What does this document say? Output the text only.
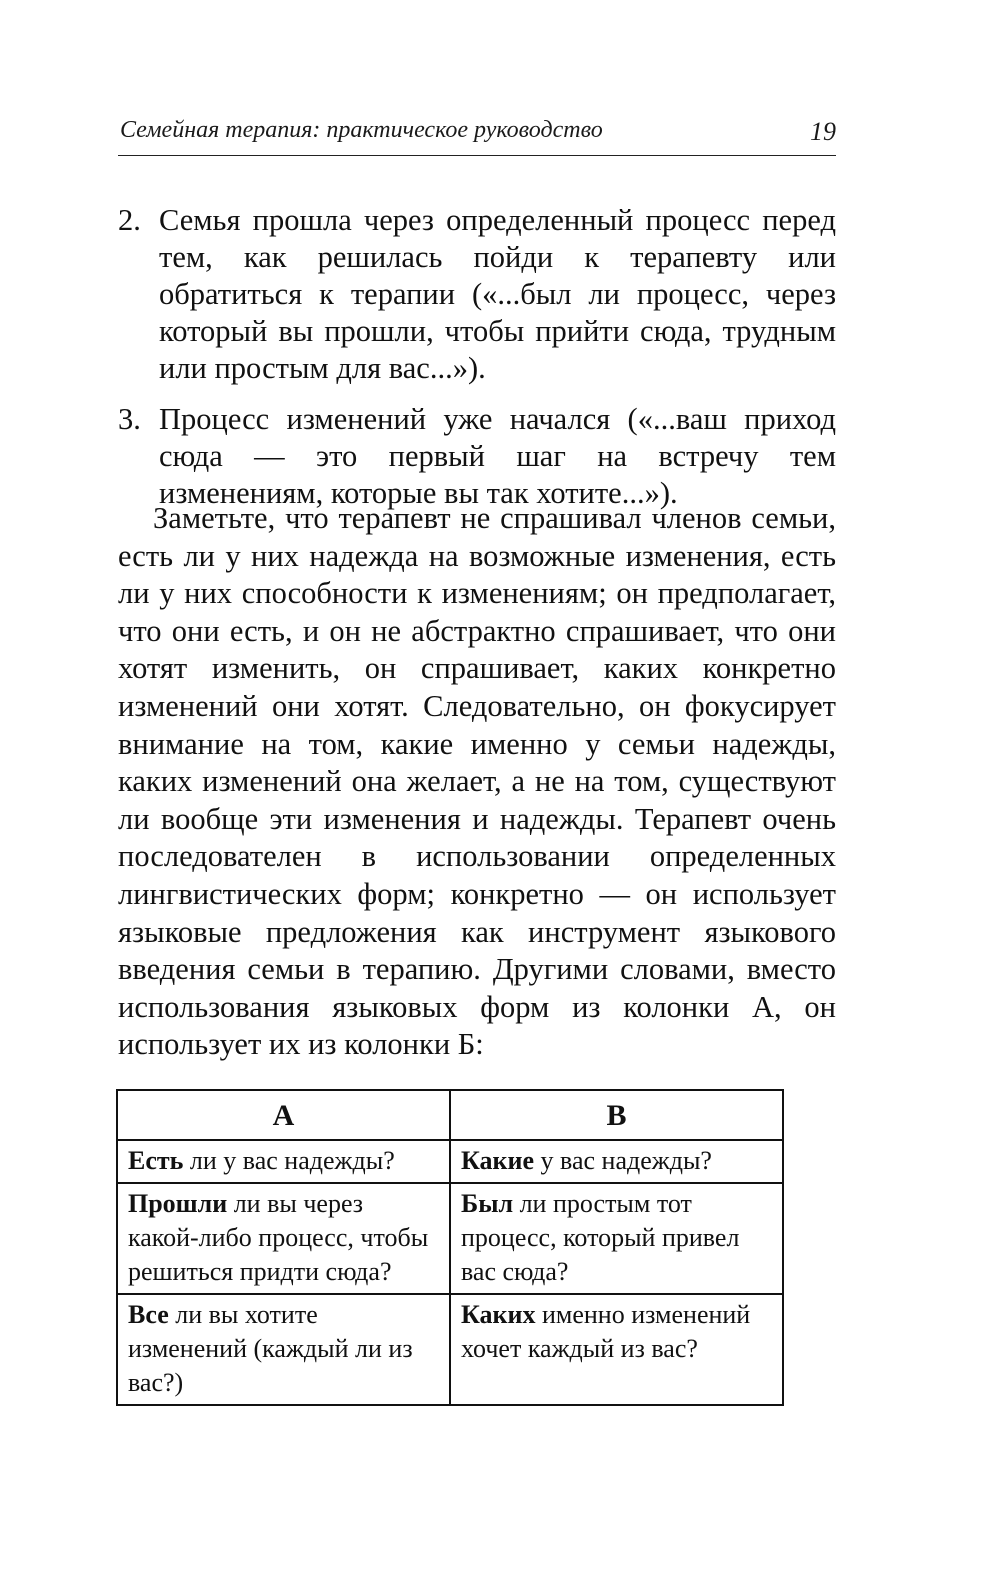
Семейная терапия: практическое руководство	19
2. Семья прошла через определенный процесс перед тем, как решилась пойди к терапевту или обратиться к терапии («...был ли процесс, через который вы прошли, чтобы прийти сюда, трудным или простым для вас...»).
3. Процесс изменений уже начался («...ваш приход сюда — это первый шаг на встречу тем изменениям, которые вы так хотите...»).
Заметьте, что терапевт не спрашивал членов семьи, есть ли у них надежда на возможные изменения, есть ли у них способности к изменениям; он предполагает, что они есть, и он не абстрактно спрашивает, что они хотят изменить, он спрашивает, каких конкретно изменений они хотят. Следовательно, он фокусирует внимание на том, какие именно у семьи надежды, каких изменений она желает, а не на том, существуют ли вообще эти изменения и надежды. Терапевт очень последователен в использовании определенных лингвистических форм; конкретно — он использует языковые предложения как инструмент языкового введения семьи в терапию. Другими словами, вместо использования языковых форм из колонки А, он использует их из колонки Б:
А	В
Есть ли у вас надежды?	Какие у вас надежды?
Прошли ли вы через какой-либо процесс, чтобы решиться придти сюда?	Был ли простым тот процесс, который привел вас сюда?
Все ли вы хотите изменений (каждый ли из вас?)	Каких именно изменений хочет каждый из вас?
